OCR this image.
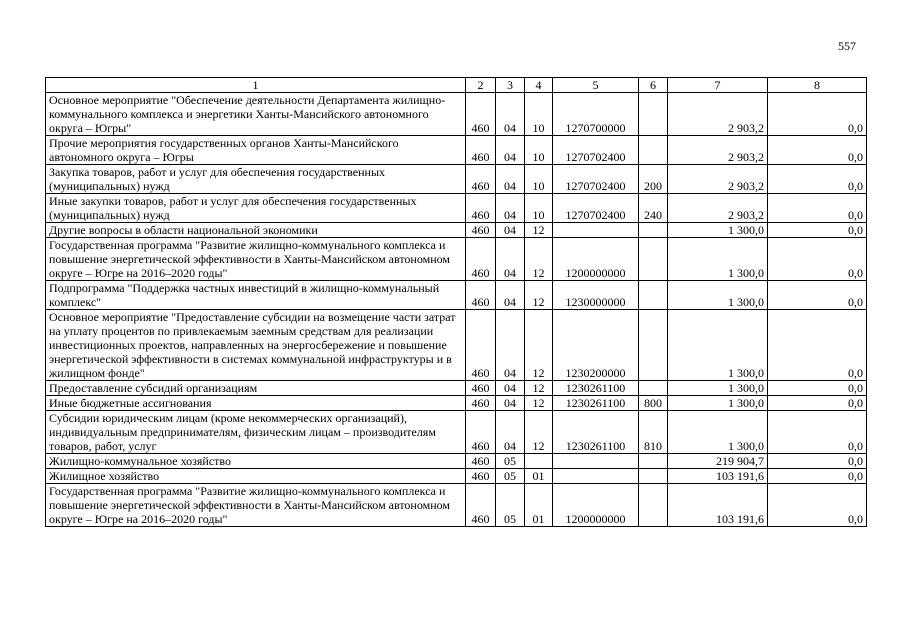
557
1	2	3	4	5	6	7	8
Основное мероприятие "Обеспечение деятельности Департамента жилищно-коммунального комплекса и энергетики Ханты-Мансийского автономного округа – Югры"	460	04	10	1270700000		2 903,2	0,0
Прочие мероприятия государственных органов Ханты-Мансийского автономного округа – Югры	460	04	10	1270702400		2 903,2	0,0
Закупка товаров, работ и услуг для обеспечения государственных (муниципальных) нужд	460	04	10	1270702400	200	2 903,2	0,0
Иные закупки товаров, работ и услуг для обеспечения государственных (муниципальных) нужд	460	04	10	1270702400	240	2 903,2	0,0
Другие вопросы в области национальной экономики	460	04	12			1 300,0	0,0
Государственная программа "Развитие жилищно-коммунального комплекса и повышение энергетической эффективности в Ханты-Мансийском автономном округе – Югре на 2016–2020 годы"	460	04	12	1200000000		1 300,0	0,0
Подпрограмма "Поддержка частных инвестиций в жилищно-коммунальный комплекс"	460	04	12	1230000000		1 300,0	0,0
Основное мероприятие "Предоставление субсидии на возмещение части затрат на уплату процентов по привлекаемым заемным средствам для реализации инвестиционных проектов, направленных на энергосбережение и повышение энергетической эффективности в системах коммунальной инфраструктуры и в жилищном фонде"	460	04	12	1230200000		1 300,0	0,0
Предоставление субсидий организациям	460	04	12	1230261100		1 300,0	0,0
Иные бюджетные ассигнования	460	04	12	1230261100	800	1 300,0	0,0
Субсидии юридическим лицам (кроме некоммерческих организаций), индивидуальным предпринимателям, физическим лицам – производителям товаров, работ, услуг	460	04	12	1230261100	810	1 300,0	0,0
Жилищно-коммунальное хозяйство	460	05				219 904,7	0,0
Жилищное хозяйство	460	05	01			103 191,6	0,0
Государственная программа "Развитие жилищно-коммунального комплекса и повышение энергетической эффективности в Ханты-Мансийском автономном округе – Югре на 2016–2020 годы"	460	05	01	1200000000		103 191,6	0,0
